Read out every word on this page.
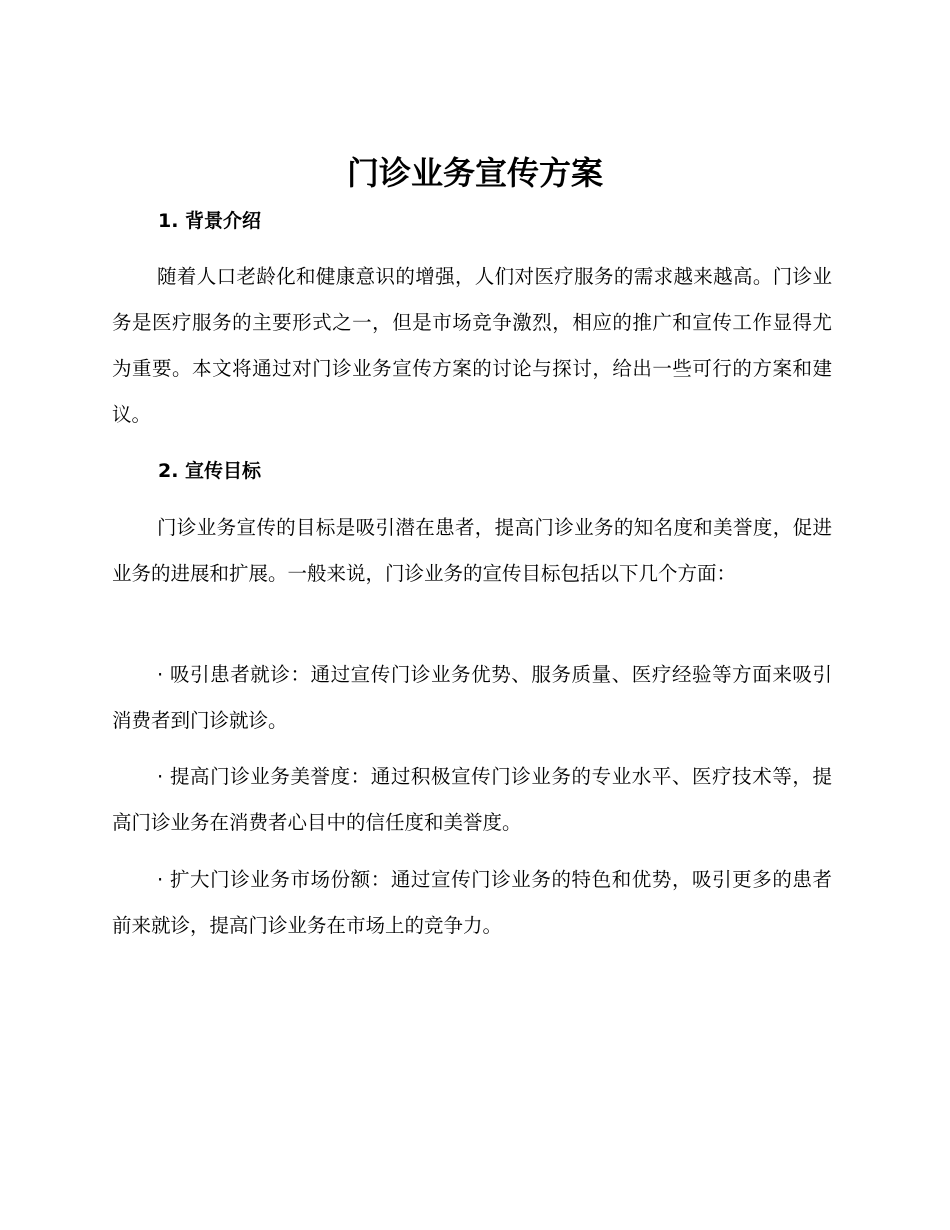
门诊业务宣传方案
1. 背景介绍

随着人口老龄化和健康意识的增强，人们对医疗服务的需求越来越高。门诊业务是医疗服务的主要形式之一，但是市场竞争激烈，相应的推广和宣传工作显得尤为重要。本文将通过对门诊业务宣传方案的讨论与探讨，给出一些可行的方案和建议。

2. 宣传目标

门诊业务宣传的目标是吸引潜在患者，提高门诊业务的知名度和美誉度，促进业务的进展和扩展。一般来说，门诊业务的宣传目标包括以下几个方面：

· 吸引患者就诊：通过宣传门诊业务优势、服务质量、医疗经验等方面来吸引消费者到门诊就诊。

· 提高门诊业务美誉度：通过积极宣传门诊业务的专业水平、医疗技术等，提高门诊业务在消费者心目中的信任度和美誉度。

· 扩大门诊业务市场份额：通过宣传门诊业务的特色和优势，吸引更多的患者前来就诊，提高门诊业务在市场上的竞争力。
